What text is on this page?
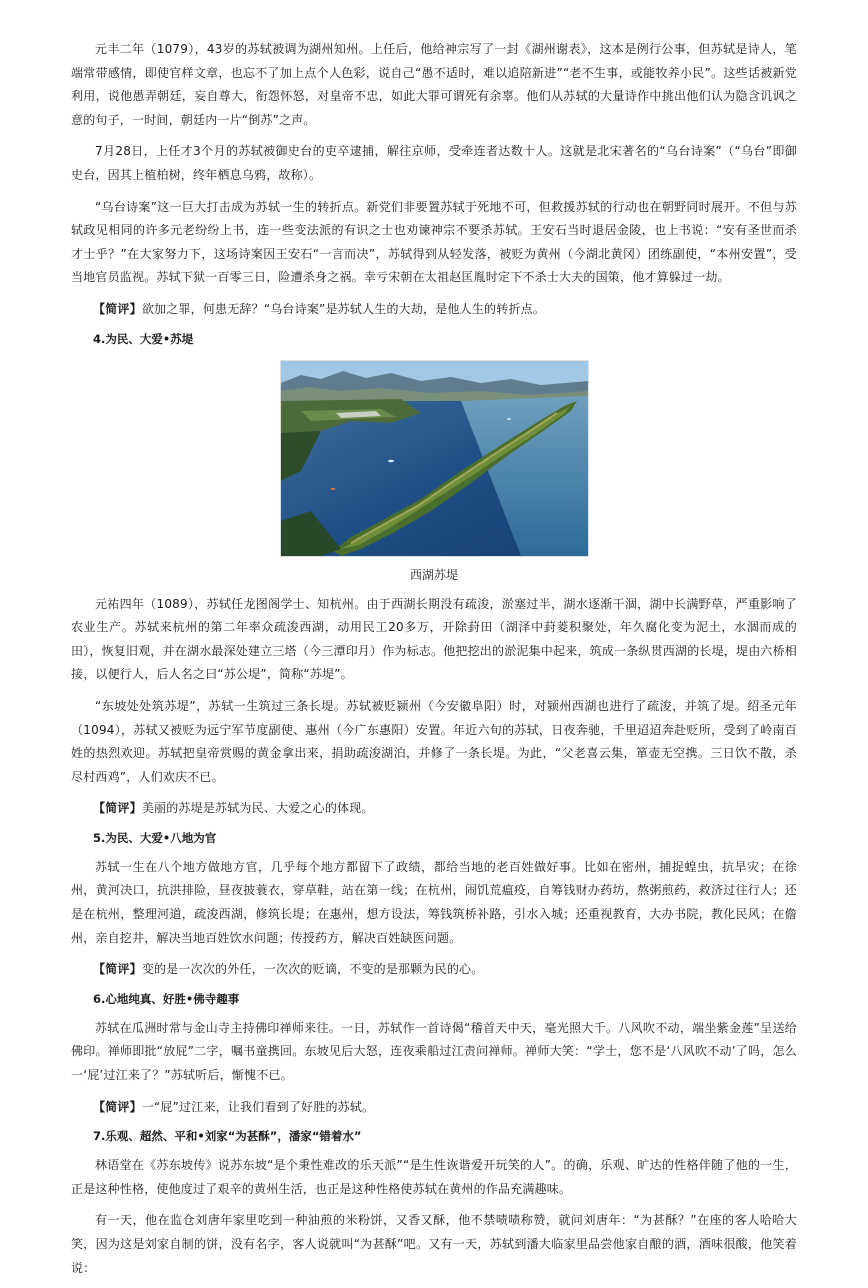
元丰二年（1079），43岁的苏轼被调为湖州知州。上任后，他给神宗写了一封《湖州谢表》，这本是例行公事，但苏轼是诗人，笔端常带感情，即使官样文章，也忘不了加上点个人色彩，说自己“愚不适时，难以追陪新进”“老不生事，或能牧养小民”。这些话被新党利用，说他愚弄朝廷，妄自尊大，衔怨怀怒，对皇帝不忠，如此大罪可谓死有余辜。他们从苏轼的大量诗作中挑出他们认为隐含讥讽之意的句子，一时间，朝廷内一片“倒苏”之声。

7月28日，上任才3个月的苏轼被御史台的吏卒逮捕，解往京师，受牵连者达数十人。这就是北宋著名的“乌台诗案”（“乌台”即御史台，因其上植柏树，终年栖息乌鸦，故称）。

“乌台诗案”这一巨大打击成为苏轼一生的转折点。新党们非要置苏轼于死地不可，但救援苏轼的行动也在朝野同时展开。不但与苏轼政见相同的许多元老纷纷上书，连一些变法派的有识之士也劝谏神宗不要杀苏轼。王安石当时退居金陵，也上书说：“安有圣世而杀才士乎？”在大家努力下，这场诗案因王安石“一言而决”，苏轼得到从轻发落，被贬为黄州（今湖北黄冈）团练副使，“本州安置”，受当地官员监视。苏轼下狱一百零三日，险遭杀身之祸。幸亏宋朝在太祖赵匡胤时定下不杀士大夫的国策，他才算躲过一劫。

【简评】欲加之罪，何患无辞？“乌台诗案”是苏轼人生的大劫，是他人生的转折点。

4.为民、大爱•苏堤
西湖苏堤

元祐四年（1089），苏轼任龙图阁学士、知杭州。由于西湖长期没有疏浚，淤塞过半，湖水逐渐干涸，湖中长满野草，严重影响了农业生产。苏轼来杭州的第二年率众疏浚西湖，动用民工20多万，开除葑田（湖泽中葑菱积聚处，年久腐化变为泥土，水涸而成的田），恢复旧观，并在湖水最深处建立三塔（今三潭印月）作为标志。他把挖出的淤泥集中起来，筑成一条纵贯西湖的长堤，堤由六桥相接，以便行人，后人名之曰“苏公堤”，简称“苏堤”。

“东坡处处筑苏堤”，苏轼一生筑过三条长堤。苏轼被贬颍州（今安徽阜阳）时，对颍州西湖也进行了疏浚，并筑了堤。绍圣元年（1094），苏轼又被贬为远宁军节度副使、惠州（今广东惠阳）安置。年近六旬的苏轼，日夜奔驰，千里迢迢奔赴贬所，受到了岭南百姓的热烈欢迎。苏轼把皇帝赏赐的黄金拿出来，捐助疏浚湖泊，并修了一条长堤。为此，“父老喜云集，箪壶无空携。三日饮不散，杀尽村西鸡”，人们欢庆不已。

【简评】美丽的苏堤是苏轼为民、大爱之心的体现。

5.为民、大爱•八地为官

苏轼一生在八个地方做地方官，几乎每个地方都留下了政绩，都给当地的老百姓做好事。比如在密州，捕捉蝗虫，抗旱灾；在徐州，黄河决口，抗洪排险，昼夜披蓑衣，穿草鞋，站在第一线；在杭州，闹饥荒瘟疫，自筹钱财办药坊，熬粥煎药，救济过往行人；还是在杭州，整理河道，疏浚西湖，修筑长堤；在惠州，想方设法，筹钱筑桥补路，引水入城；还重视教育，大办书院，教化民风；在儋州，亲自挖井，解决当地百姓饮水问题；传授药方，解决百姓缺医问题。

【简评】变的是一次次的外任，一次次的贬谪，不变的是那颗为民的心。

6.心地纯真、好胜•佛寺趣事

苏轼在瓜洲时常与金山寺主持佛印禅师来往。一日，苏轼作一首诗偈“稽首天中天，毫光照大千。八风吹不动，端坐紫金莲”呈送给佛印。禅师即批“放屁”二字，嘱书童携回。东坡见后大怒，连夜乘船过江责问禅师。禅师大笑：“学士，您不是‘八风吹不动’了吗，怎么一‘屁’过江来了？”苏轼听后，惭愧不已。

【简评】一“屁”过江来，让我们看到了好胜的苏轼。

7.乐观、超然、平和•刘家“为甚酥”，潘家“错着水”

林语堂在《苏东坡传》说苏东坡“是个秉性难改的乐天派”“是生性诙谐爱开玩笑的人”。的确，乐观、旷达的性格伴随了他的一生，正是这种性格，使他度过了艰辛的黄州生活，也正是这种性格使苏轼在黄州的作品充满趣味。

有一天，他在监仓刘唐年家里吃到一种油煎的米粉饼，又香又酥，他不禁啧啧称赞，就问刘唐年：“为甚酥？”在座的客人哈哈大笑，因为这是刘家自制的饼，没有名字，客人说就叫“为甚酥”吧。又有一天，苏轼到潘大临家里品尝他家自酿的酒，酒味很酸，他笑着说：
